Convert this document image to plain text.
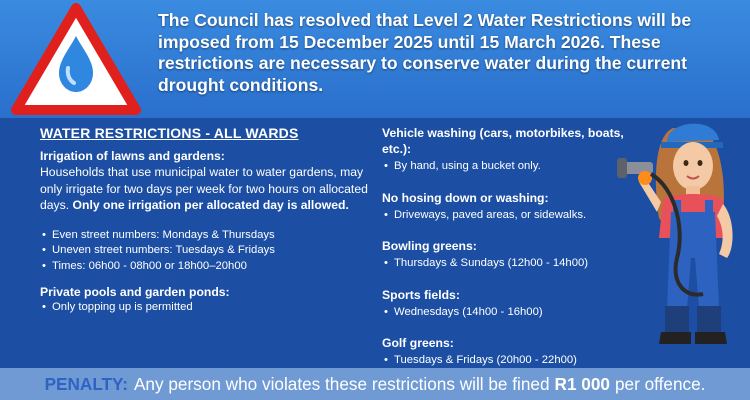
The Council has resolved that Level 2 Water Restrictions will be imposed from 15 December 2025 until 15 March 2026. These restrictions are necessary to conserve water during the current drought conditions.

WATER RESTRICTIONS - ALL WARDS
Irrigation of lawns and gardens:

Households that use municipal water to water gardens, may only irrigate for two days per week for two hours on allocated days. Only one irrigation per allocated day is allowed.

• Even street numbers: Mondays & Thursdays
• Uneven street numbers: Tuesdays & Fridays
• Times: 06h00 - 08h00 or 18h00–20h00
Private pools and garden ponds:
• Only topping up is permitted
Vehicle washing (cars, motorbikes, boats, etc.):
• By hand, using a bucket only.
No hosing down or washing:
• Driveways, paved areas, or sidewalks.
Bowling greens:
• Thursdays & Sundays (12h00 - 14h00)
Sports fields:
• Wednesdays (14h00 - 16h00)
Golf greens:
• Tuesdays & Fridays (20h00 - 22h00)
PENALTY: Any person who violates these restrictions will be fined R1 000 per offence.
